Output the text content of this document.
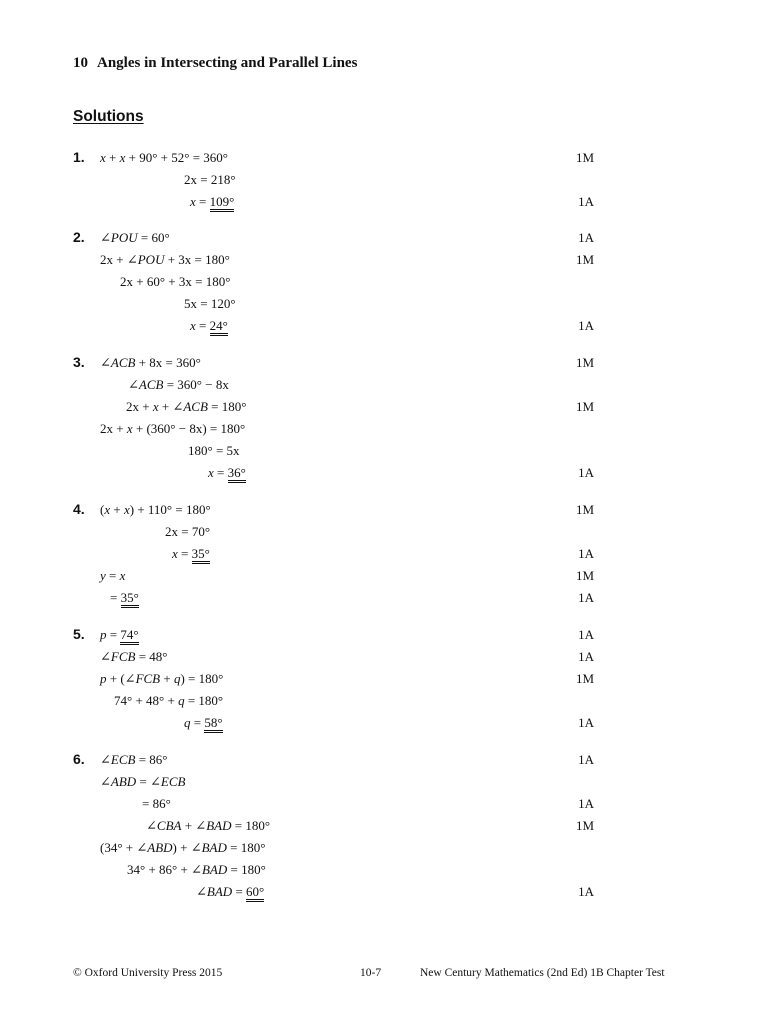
10 Angles in Intersecting and Parallel Lines
Solutions
1. x + x + 90° + 52° = 360°	1M
2x = 218°
x = 109°	1A
2. ∠POU = 60°	1A
2x + ∠POU + 3x = 180°	1M
2x + 60° + 3x = 180°
5x = 120°
x = 24°	1A
3. ∠ACB + 8x = 360°	1M
∠ACB = 360° − 8x
2x + x + ∠ACB = 180°	1M
2x + x + (360° − 8x) = 180°
180° = 5x
x = 36°	1A
4. (x + x) + 110° = 180°	1M
2x = 70°
x = 35°	1A
y = x	1M
= 35°	1A
5. p = 74°	1A
∠FCB = 48°	1A
p + (∠FCB + q) = 180°	1M
74° + 48° + q = 180°
q = 58°	1A
6. ∠ECB = 86°	1A
∠ABD = ∠ECB
= 86°	1A
∠CBA + ∠BAD = 180°	1M
(34° + ∠ABD) + ∠BAD = 180°
34° + 86° + ∠BAD = 180°
∠BAD = 60°	1A
© Oxford University Press 2015	10-7	New Century Mathematics (2nd Ed) 1B Chapter Test
